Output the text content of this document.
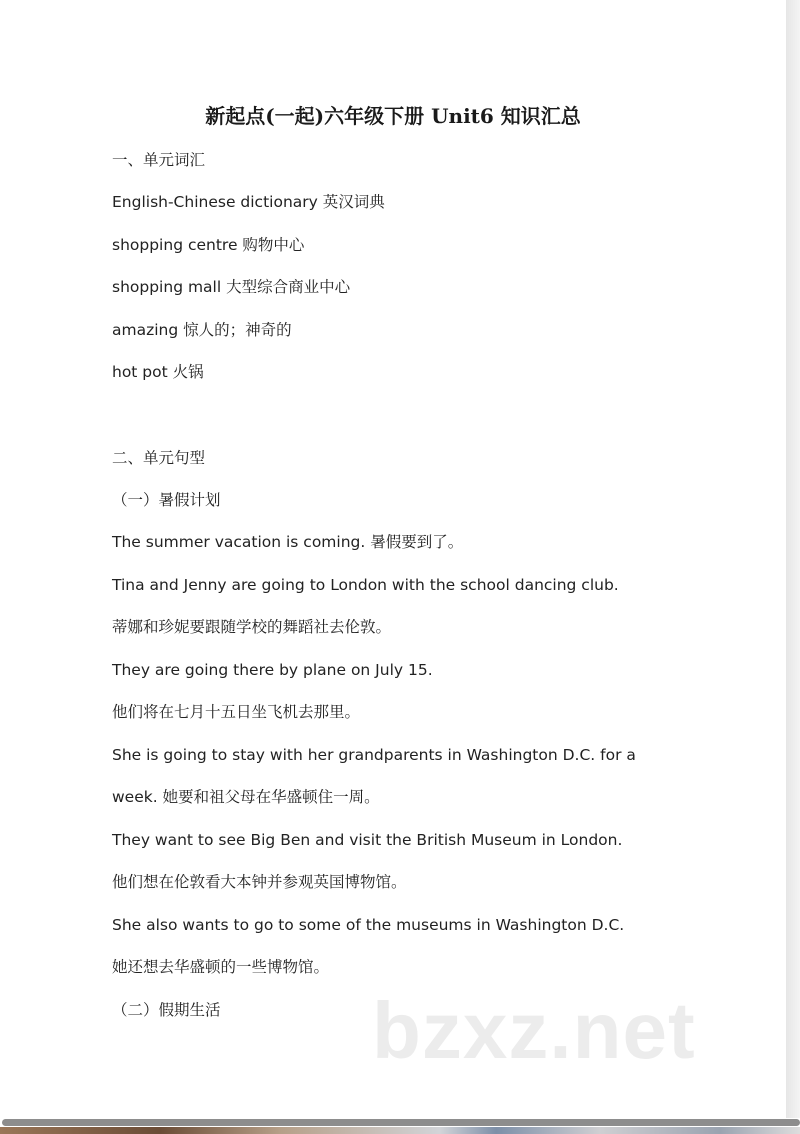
新起点(一起)六年级下册 Unit6 知识汇总
一、单元词汇
English-Chinese dictionary 英汉词典
shopping centre 购物中心
shopping mall 大型综合商业中心
amazing 惊人的；神奇的
hot pot 火锅
二、单元句型
（一）暑假计划
The summer vacation is coming. 暑假要到了。
Tina and Jenny are going to London with the school dancing club.
蒂娜和珍妮要跟随学校的舞蹈社去伦敦。
They are going there by plane on July 15.
他们将在七月十五日坐飞机去那里。
She is going to stay with her grandparents in Washington D.C. for a
week. 她要和祖父母在华盛顿住一周。
They want to see Big Ben and visit the British Museum in London.
他们想在伦敦看大本钟并参观英国博物馆。
She also wants to go to some of the museums in Washington D.C.
她还想去华盛顿的一些博物馆。
（二）假期生活 bzxz.net
